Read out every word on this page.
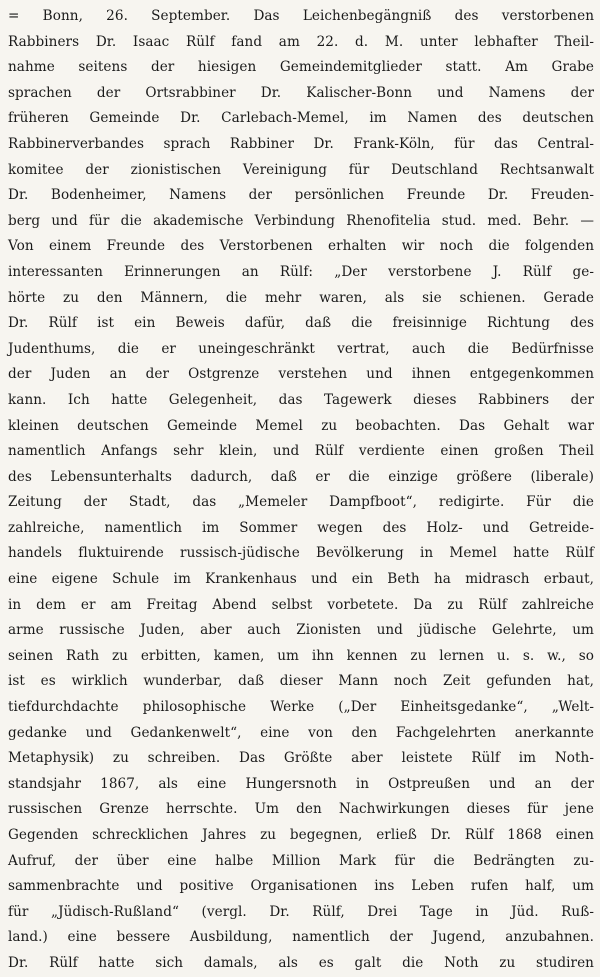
= Bonn, 26. September. Das Leichenbegängniß des verstorbenen
Rabbiners Dr. Isaac Rülf fand am 22. d. M. unter lebhafter Theil-
nahme seitens der hiesigen Gemeindemitglieder statt. Am Grabe
sprachen der Ortsrabbiner Dr. Kalischer-Bonn und Namens der
früheren Gemeinde Dr. Carlebach-Memel, im Namen des deutschen
Rabbinerverbandes sprach Rabbiner Dr. Frank-Köln, für das Central-
komitee der zionistischen Vereinigung für Deutschland Rechtsanwalt
Dr. Bodenheimer, Namens der persönlichen Freunde Dr. Freuden-
berg und für die akademische Verbindung Rhenofitelia stud. med. Behr. —
Von einem Freunde des Verstorbenen erhalten wir noch die folgenden
interessanten Erinnerungen an Rülf: „Der verstorbene J. Rülf ge-
hörte zu den Männern, die mehr waren, als sie schienen. Gerade
Dr. Rülf ist ein Beweis dafür, daß die freisinnige Richtung des
Judenthums, die er uneingeschränkt vertrat, auch die Bedürfnisse
der Juden an der Ostgrenze verstehen und ihnen entgegenkommen
kann. Ich hatte Gelegenheit, das Tagewerk dieses Rabbiners der
kleinen deutschen Gemeinde Memel zu beobachten. Das Gehalt war
namentlich Anfangs sehr klein, und Rülf verdiente einen großen Theil
des Lebensunterhalts dadurch, daß er die einzige größere (liberale)
Zeitung der Stadt, das „Memeler Dampfboot“, redigirte. Für die
zahlreiche, namentlich im Sommer wegen des Holz- und Getreide-
handels fluktuirende russisch-jüdische Bevölkerung in Memel hatte Rülf
eine eigene Schule im Krankenhaus und ein Beth ha midrasch erbaut,
in dem er am Freitag Abend selbst vorbetete. Da zu Rülf zahlreiche
arme russische Juden, aber auch Zionisten und jüdische Gelehrte, um
seinen Rath zu erbitten, kamen, um ihn kennen zu lernen u. s. w., so
ist es wirklich wunderbar, daß dieser Mann noch Zeit gefunden hat,
tiefdurchdachte philosophische Werke („Der Einheitsgedanke“, „Welt-
gedanke und Gedankenwelt“, eine von den Fachgelehrten anerkannte
Metaphysik) zu schreiben. Das Größte aber leistete Rülf im Noth-
standsjahr 1867, als eine Hungersnoth in Ostpreußen und an der
russischen Grenze herrschte. Um den Nachwirkungen dieses für jene
Gegenden schrecklichen Jahres zu begegnen, erließ Dr. Rülf 1868 einen
Aufruf, der über eine halbe Million Mark für die Bedrängten zu-
sammenbrachte und positive Organisationen ins Leben rufen half, um
für „Jüdisch-Rußland“ (vergl. Dr. Rülf, Drei Tage in Jüd. Ruß-
land.) eine bessere Ausbildung, namentlich der Jugend, anzubahnen.
Dr. Rülf hatte sich damals, als es galt die Noth zu studiren
